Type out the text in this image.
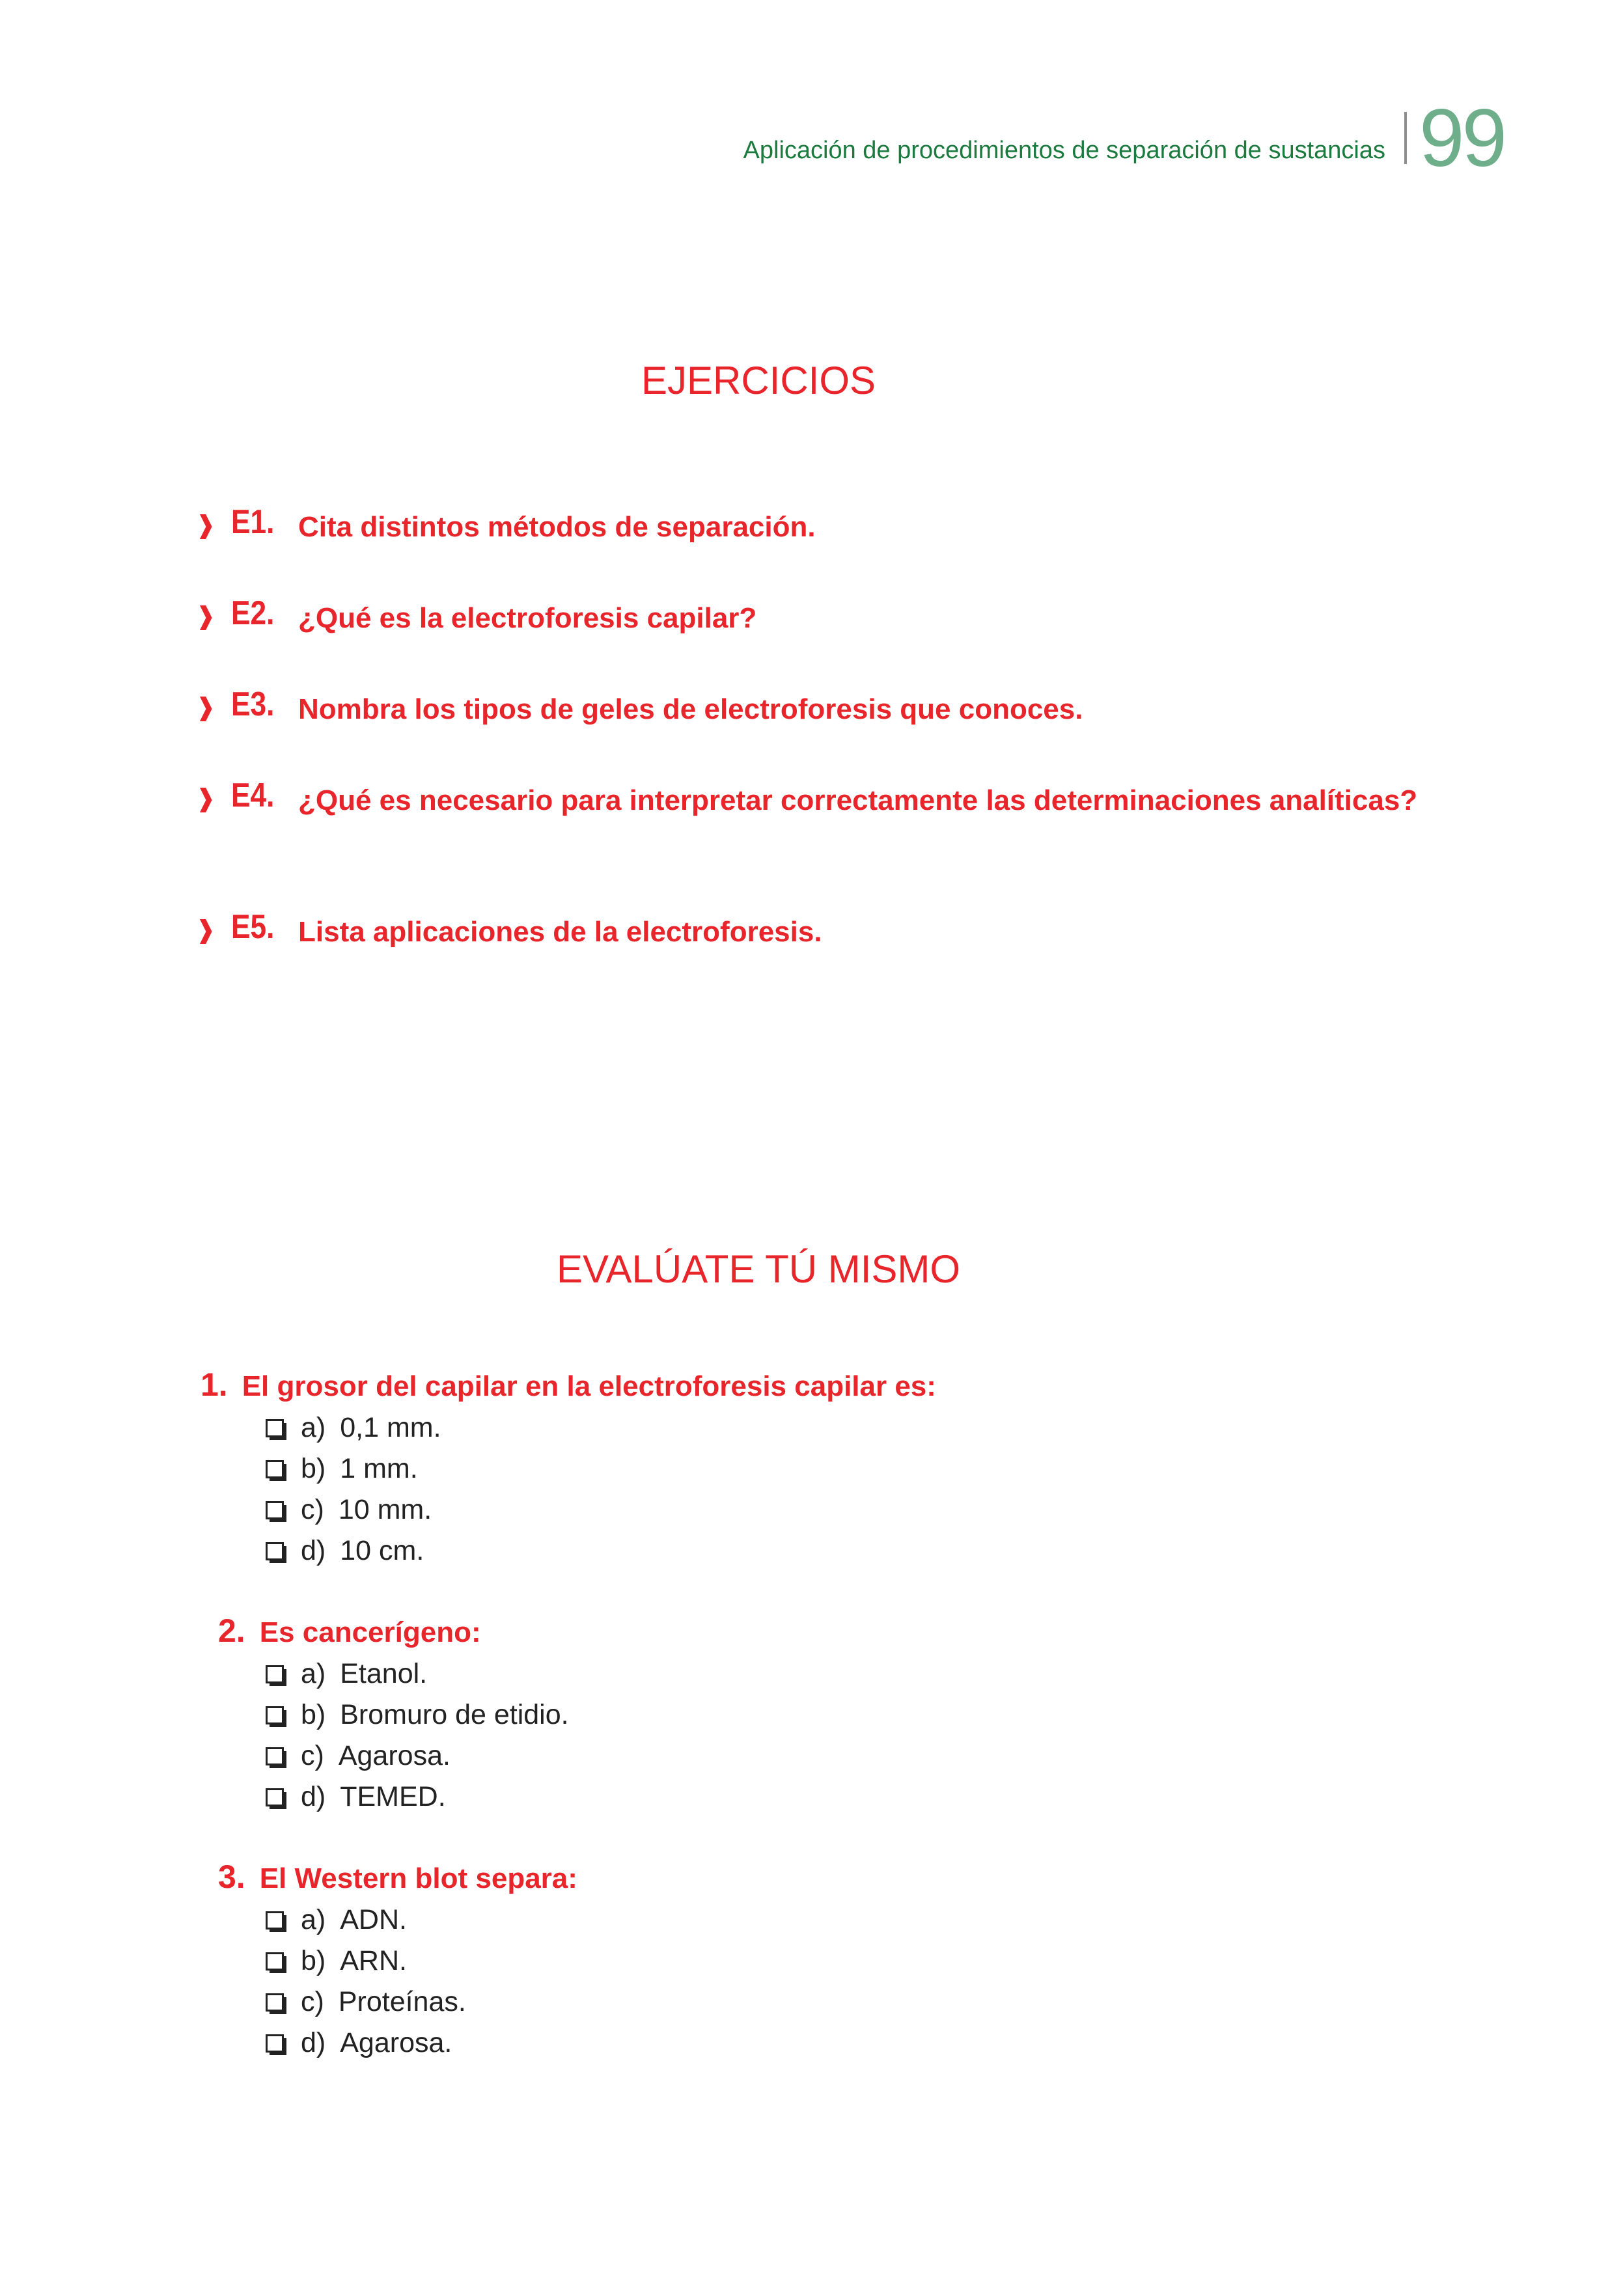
Aplicación de procedimientos de separación de sustancias 99
EJERCICIOS
❱ E1. Cita distintos métodos de separación.
❱ E2. ¿Qué es la electroforesis capilar?
❱ E3. Nombra los tipos de geles de electroforesis que conoces.
❱ E4. ¿Qué es necesario para interpretar correctamente las determinaciones analíticas?
❱ E5. Lista aplicaciones de la electroforesis.
EVALÚATE TÚ MISMO
1. El grosor del capilar en la electroforesis capilar es:
a) 0,1 mm.
b) 1 mm.
c) 10 mm.
d) 10 cm.
2. Es cancerígeno:
a) Etanol.
b) Bromuro de etidio.
c) Agarosa.
d) TEMED.
3. El Western blot separa:
a) ADN.
b) ARN.
c) Proteínas.
d) Agarosa.
